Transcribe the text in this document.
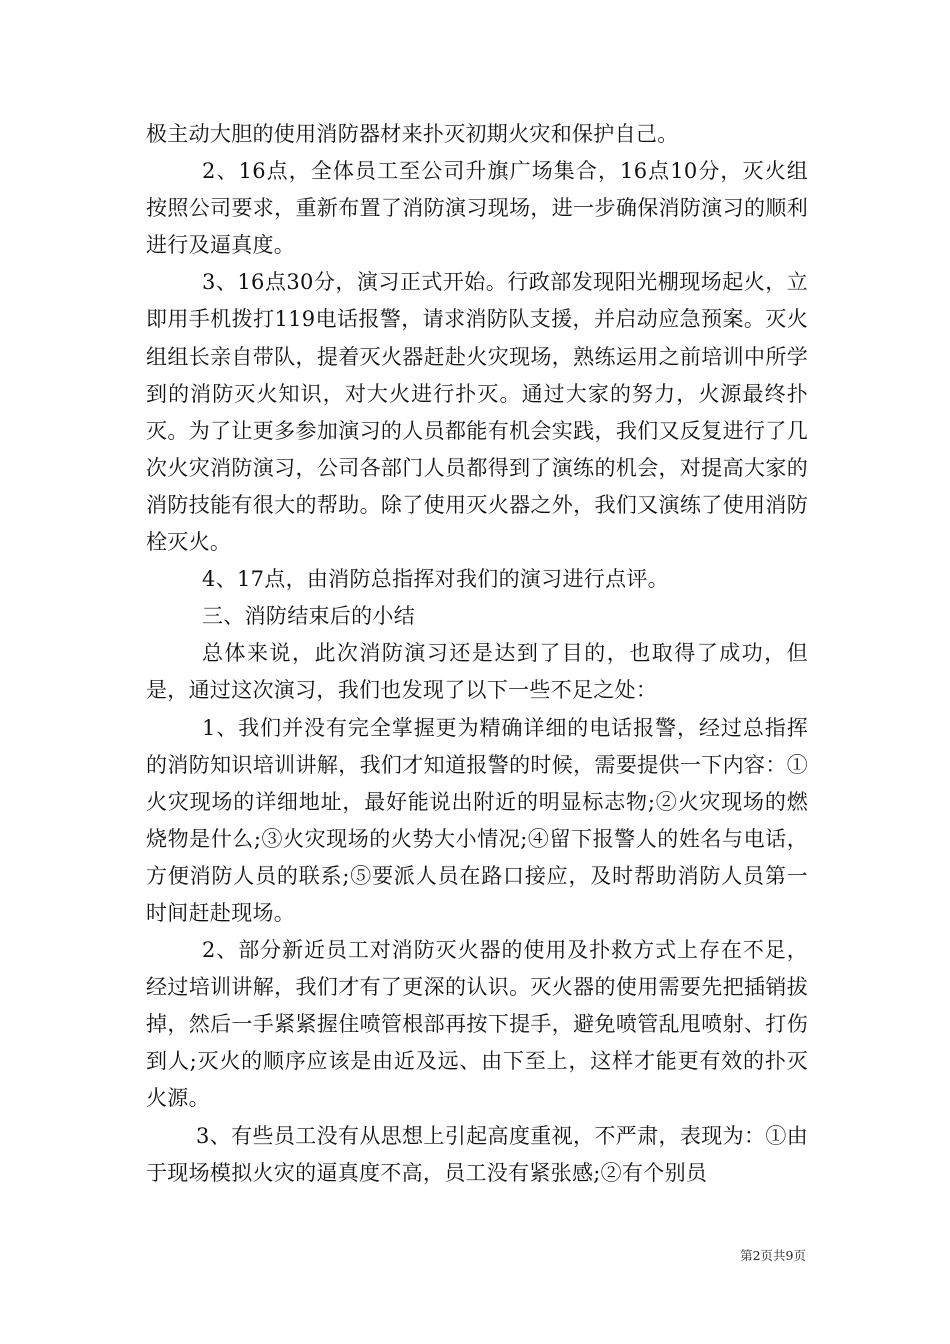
极主动大胆的使用消防器材来扑灭初期火灾和保护自己。

2、16点，全体员工至公司升旗广场集合，16点10分，灭火组按照公司要求，重新布置了消防演习现场，进一步确保消防演习的顺利进行及逼真度。

3、16点30分，演习正式开始。行政部发现阳光棚现场起火，立即用手机拨打119电话报警，请求消防队支援，并启动应急预案。灭火组组长亲自带队，提着灭火器赶赴火灾现场，熟练运用之前培训中所学到的消防灭火知识，对大火进行扑灭。通过大家的努力，火源最终扑灭。为了让更多参加演习的人员都能有机会实践，我们又反复进行了几次火灾消防演习，公司各部门人员都得到了演练的机会，对提高大家的消防技能有很大的帮助。除了使用灭火器之外，我们又演练了使用消防栓灭火。

4、17点，由消防总指挥对我们的演习进行点评。

三、消防结束后的小结

总体来说，此次消防演习还是达到了目的，也取得了成功，但是，通过这次演习，我们也发现了以下一些不足之处：

1、我们并没有完全掌握更为精确详细的电话报警，经过总指挥的消防知识培训讲解，我们才知道报警的时候，需要提供一下内容：①火灾现场的详细地址，最好能说出附近的明显标志物;②火灾现场的燃烧物是什么;③火灾现场的火势大小情况;④留下报警人的姓名与电话，方便消防人员的联系;⑤要派人员在路口接应，及时帮助消防人员第一时间赶赴现场。

2、部分新近员工对消防灭火器的使用及扑救方式上存在不足，经过培训讲解，我们才有了更深的认识。灭火器的使用需要先把插销拔掉，然后一手紧紧握住喷管根部再按下提手，避免喷管乱甩喷射、打伤到人;灭火的顺序应该是由近及远、由下至上，这样才能更有效的扑灭火源。

3、有些员工没有从思想上引起高度重视，不严肃，表现为：①由于现场模拟火灾的逼真度不高，员工没有紧张感;②有个别员

第2页共9页
